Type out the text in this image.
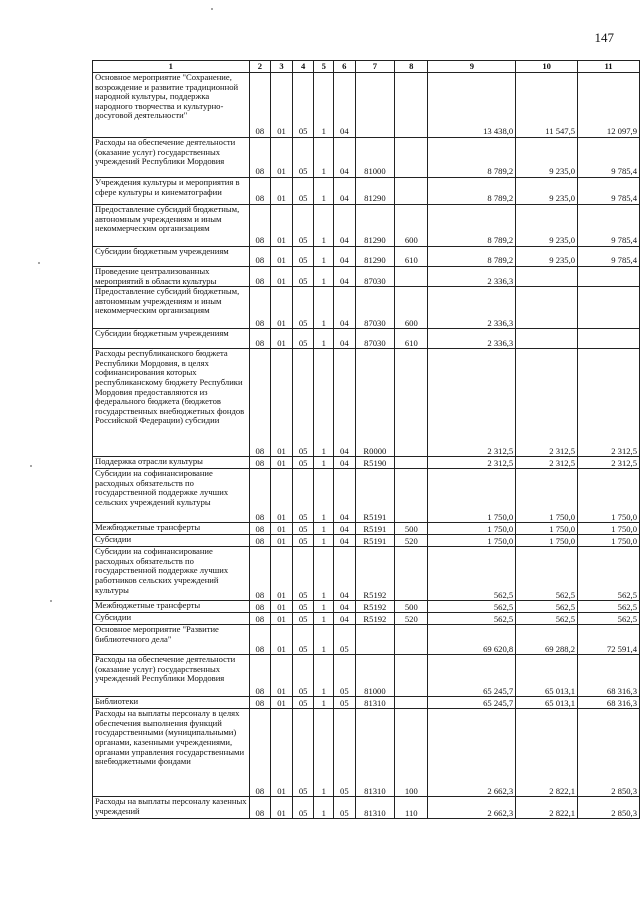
147
1	2	3	4	5	6	7	8	9	10	11
Основное мероприятие "Сохранение, возрождение и развитие традиционной народной культуры, поддержка народного творчества и культурно-досуговой деятельности"	08	01	05	1	04			13 438,0	11 547,5	12 097,9
Расходы на обеспечение деятельности (оказание услуг) государственных учреждений Республики Мордовия	08	01	05	1	04	81000		8 789,2	9 235,0	9 785,4
Учреждения культуры и мероприятия в сфере культуры и кинематографии	08	01	05	1	04	81290		8 789,2	9 235,0	9 785,4
Предоставление субсидий бюджетным, автономным учреждениям и иным некоммерческим организациям	08	01	05	1	04	81290	600	8 789,2	9 235,0	9 785,4
Субсидии бюджетным учреждениям	08	01	05	1	04	81290	610	8 789,2	9 235,0	9 785,4
Проведение централизованных мероприятий в области культуры	08	01	05	1	04	87030		2 336,3		
Предоставление субсидий бюджетным, автономным учреждениям и иным некоммерческим организациям	08	01	05	1	04	87030	600	2 336,3		
Субсидии бюджетным учреждениям	08	01	05	1	04	87030	610	2 336,3		
Расходы республиканского бюджета Республики Мордовия, в целях софинансирования которых республиканскому бюджету Республики Мордовия предоставляются из федерального бюджета (бюджетов государственных внебюджетных фондов Российской Федерации) субсидии	08	01	05	1	04	R0000		2 312,5	2 312,5	2 312,5
Поддержка отрасли культуры	08	01	05	1	04	R5190		2 312,5	2 312,5	2 312,5
Субсидии на софинансирование расходных обязательств по государственной поддержке лучших сельских учреждений культуры	08	01	05	1	04	R5191		1 750,0	1 750,0	1 750,0
Межбюджетные трансферты	08	01	05	1	04	R5191	500	1 750,0	1 750,0	1 750,0
Субсидии	08	01	05	1	04	R5191	520	1 750,0	1 750,0	1 750,0
Субсидии на софинансирование расходных обязательств по государственной поддержке лучших работников сельских учреждений культуры	08	01	05	1	04	R5192		562,5	562,5	562,5
Межбюджетные трансферты	08	01	05	1	04	R5192	500	562,5	562,5	562,5
Субсидии	08	01	05	1	04	R5192	520	562,5	562,5	562,5
Основное мероприятие "Развитие библиотечного дела"	08	01	05	1	05			69 620,8	69 288,2	72 591,4
Расходы на обеспечение деятельности (оказание услуг) государственных учреждений Республики Мордовия	08	01	05	1	05	81000		65 245,7	65 013,1	68 316,3
Библиотеки	08	01	05	1	05	81310		65 245,7	65 013,1	68 316,3
Расходы на выплаты персоналу в целях обеспечения выполнения функций государственными (муниципальными) органами, казенными учреждениями, органами управления государственными внебюджетными фондами	08	01	05	1	05	81310	100	2 662,3	2 822,1	2 850,3
Расходы на выплаты персоналу казенных учреждений	08	01	05	1	05	81310	110	2 662,3	2 822,1	2 850,3
